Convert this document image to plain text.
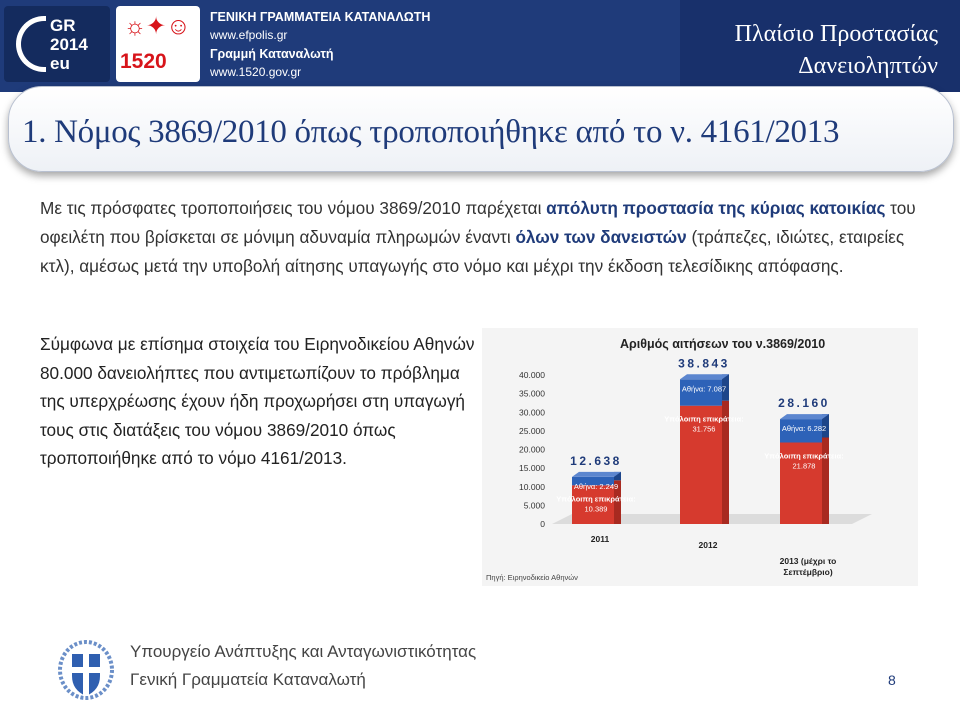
GR
2014
eu
☼✦☺
1520
ΓΕΝΙΚΗ ΓΡΑΜΜΑΤΕΙΑ ΚΑΤΑΝΑΛΩΤΗ
www.efpolis.gr
Γραμμή Καταναλωτή
www.1520.gov.gr
Πλαίσιο Προστασίας
Δανειοληπτών
1. Νόμος 3869/2010 όπως τροποποιήθηκε από το ν. 4161/2013
Με τις πρόσφατες τροποποιήσεις του νόμου 3869/2010 παρέχεται απόλυτη προστασία της κύριας κατοικίας του οφειλέτη που βρίσκεται σε μόνιμη αδυναμία πληρωμών έναντι όλων των δανειστών (τράπεζες, ιδιώτες, εταιρείες κτλ), αμέσως μετά την υποβολή αίτησης υπαγωγής στο νόμο και μέχρι την έκδοση τελεσίδικης απόφασης.
Σύμφωνα με επίσημα στοιχεία του Ειρηνοδικείου Αθηνών 80.000 δανειολήπτες που αντιμετωπίζουν το πρόβλημα της υπερχρέωσης έχουν ήδη προχωρήσει στη υπαγωγή τους στις διατάξεις του νόμου 3869/2010 όπως τροποποιήθηκε από το νόμο 4161/2013.
Αριθμός αιτήσεων του ν.3869/2010
0
5.000
10.000
15.000
20.000
25.000
30.000
35.000
40.000
12.638
Αθήνα: 2.249
Υπόλοιπη επικράτεια:
10.389
2011
38.843
Αθήνα: 7.087
Υπόλοιπη επικράτεια:
31.756
2012
28.160
Αθήνα: 6.282
Υπόλοιπη επικράτεια:
21.878
2013 (μέχρι το
Σεπτέμβριο)
Πηγή: Ειρηνοδικείο Αθηνών
Υπουργείο Ανάπτυξης και Ανταγωνιστικότητας
Γενική Γραμματεία Καταναλωτή	8
